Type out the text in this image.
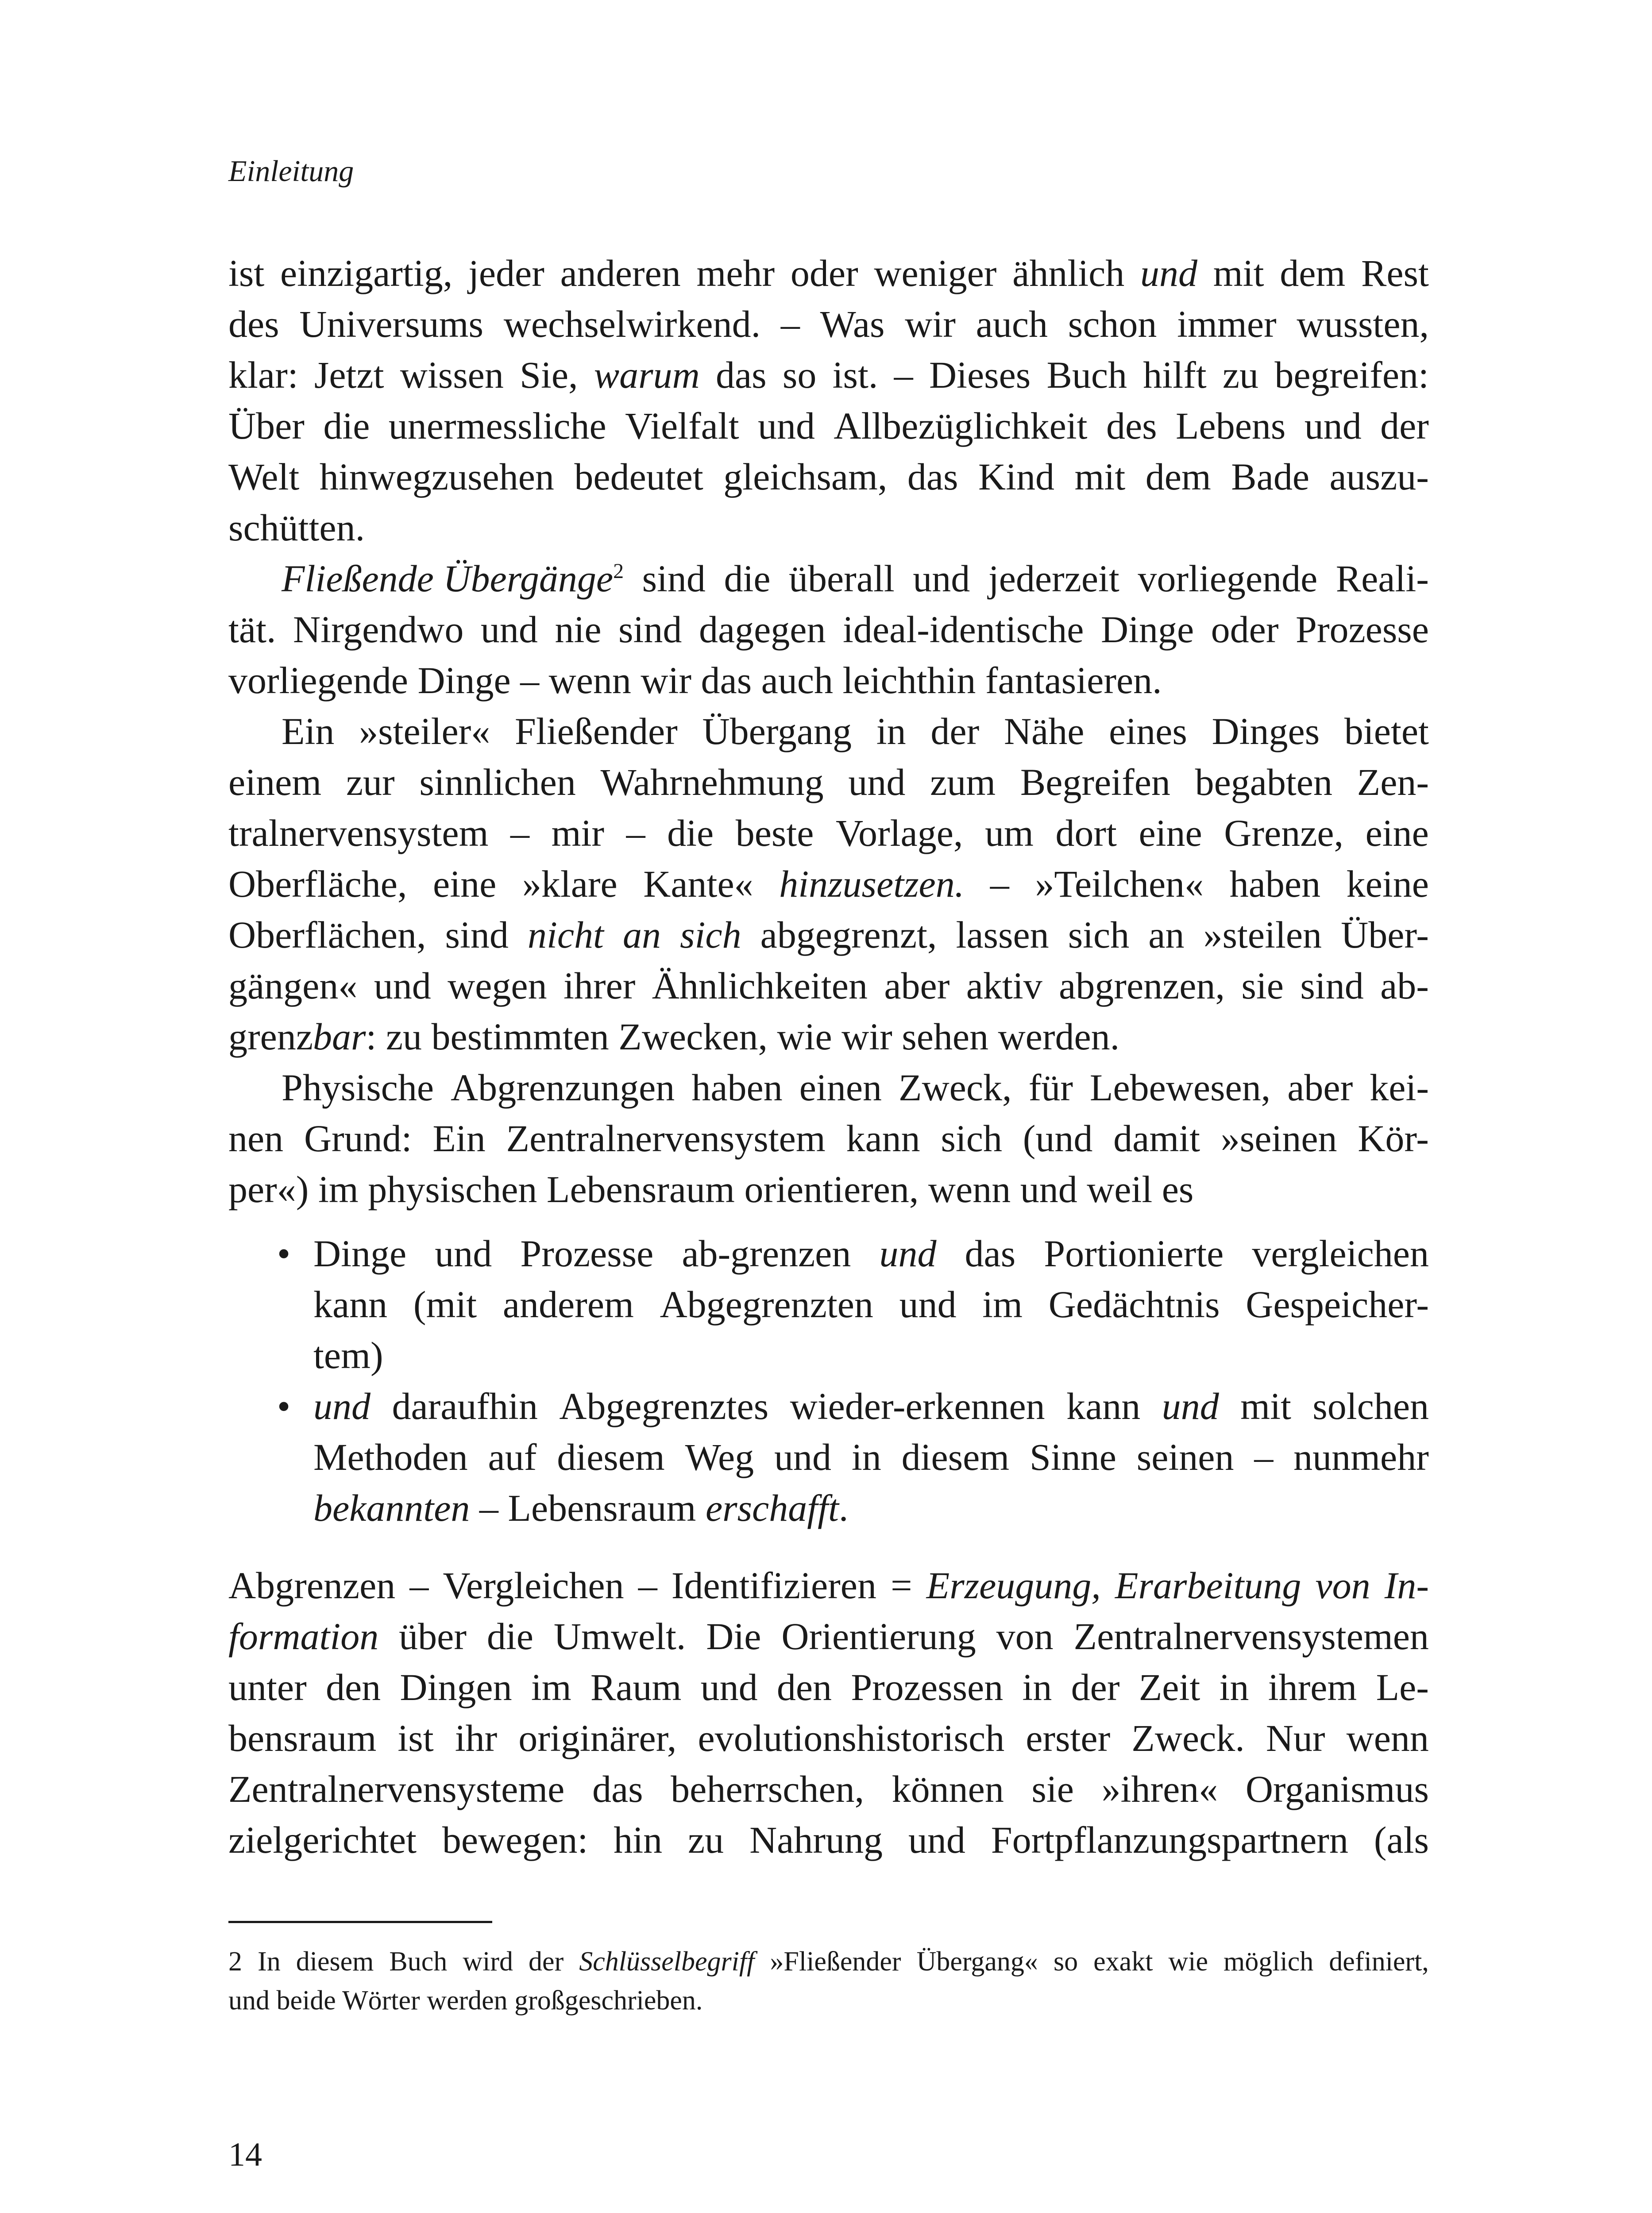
Einleitung
ist einzigartig, jeder anderen mehr oder weniger ähnlich und mit dem Rest
des Universums wechselwirkend. – Was wir auch schon immer wussten,
klar: Jetzt wissen Sie, warum das so ist. – Dieses Buch hilft zu begreifen:
Über die unermessliche Vielfalt und Allbezüglichkeit des Lebens und der
Welt hinwegzusehen bedeutet gleichsam, das Kind mit dem Bade auszu-
schütten.
Fließende Übergänge$^2$ sind die überall und jederzeit vorliegende Reali-
tät. Nirgendwo und nie sind dagegen ideal-identische Dinge oder Prozesse
vorliegende Dinge – wenn wir das auch leichthin fantasieren.
Ein »steiler« Fließender Übergang in der Nähe eines Dinges bietet
einem zur sinnlichen Wahrnehmung und zum Begreifen begabten Zen-
tralnervensystem – mir – die beste Vorlage, um dort eine Grenze, eine
Oberfläche, eine »klare Kante« hinzusetzen. – »Teilchen« haben keine
Oberflächen, sind nicht an sich abgegrenzt, lassen sich an »steilen Über-
gängen« und wegen ihrer Ähnlichkeiten aber aktiv abgrenzen, sie sind ab-
grenzbar: zu bestimmten Zwecken, wie wir sehen werden.
Physische Abgrenzungen haben einen Zweck, für Lebewesen, aber kei-
nen Grund: Ein Zentralnervensystem kann sich (und damit »seinen Kör-
per«) im physischen Lebensraum orientieren, wenn und weil es
• Dinge und Prozesse ab-grenzen und das Portionierte vergleichen
kann (mit anderem Abgegrenzten und im Gedächtnis Gespeicher-
tem)
• und daraufhin Abgegrenztes wieder-erkennen kann und mit solchen
Methoden auf diesem Weg und in diesem Sinne seinen – nunmehr
bekannten – Lebensraum erschafft.
Abgrenzen – Vergleichen – Identifizieren = Erzeugung, Erarbeitung von In-
formation über die Umwelt. Die Orientierung von Zentralnervensystemen
unter den Dingen im Raum und den Prozessen in der Zeit in ihrem Le-
bensraum ist ihr originärer, evolutionshistorisch erster Zweck. Nur wenn
Zentralnervensysteme das beherrschen, können sie »ihren« Organismus
zielgerichtet bewegen: hin zu Nahrung und Fortpflanzungspartnern (als
2 In diesem Buch wird der Schlüsselbegriff »Fließender Übergang« so exakt wie möglich definiert,
und beide Wörter werden großgeschrieben.
14
